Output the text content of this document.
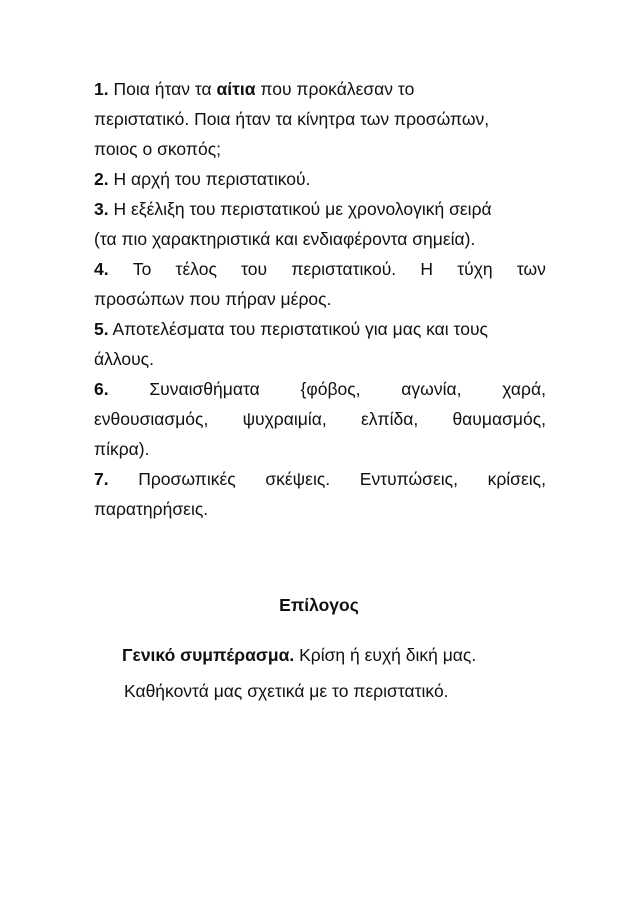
1. Ποια ήταν τα αίτια που προκάλεσαν το
περιστατικό. Ποια ήταν τα κίνητρα των προσώπων,
ποιος ο σκοπός;
2. Η αρχή του περιστατικού.
3. Η εξέλιξη του περιστατικού με χρονολογική σειρά
(τα πιο χαρακτηριστικά και ενδιαφέροντα σημεία).
4. Το τέλος του περιστατικού. Η τύχη των
προσώπων που πήραν μέρος.
5. Αποτελέσματα του περιστατικού για μας και τους
άλλους.
6. Συναισθήματα {φόβος, αγωνία, χαρά,
ενθουσιασμός, ψυχραιμία, ελπίδα, θαυμασμός,
πίκρα).
7. Προσωπικές σκέψεις. Εντυπώσεις, κρίσεις,
παρατηρήσεις.
Επίλογος
Γενικό συμπέρασμα. Κρίση ή ευχή δική μας.
Καθήκοντά μας σχετικά με το περιστατικό.
